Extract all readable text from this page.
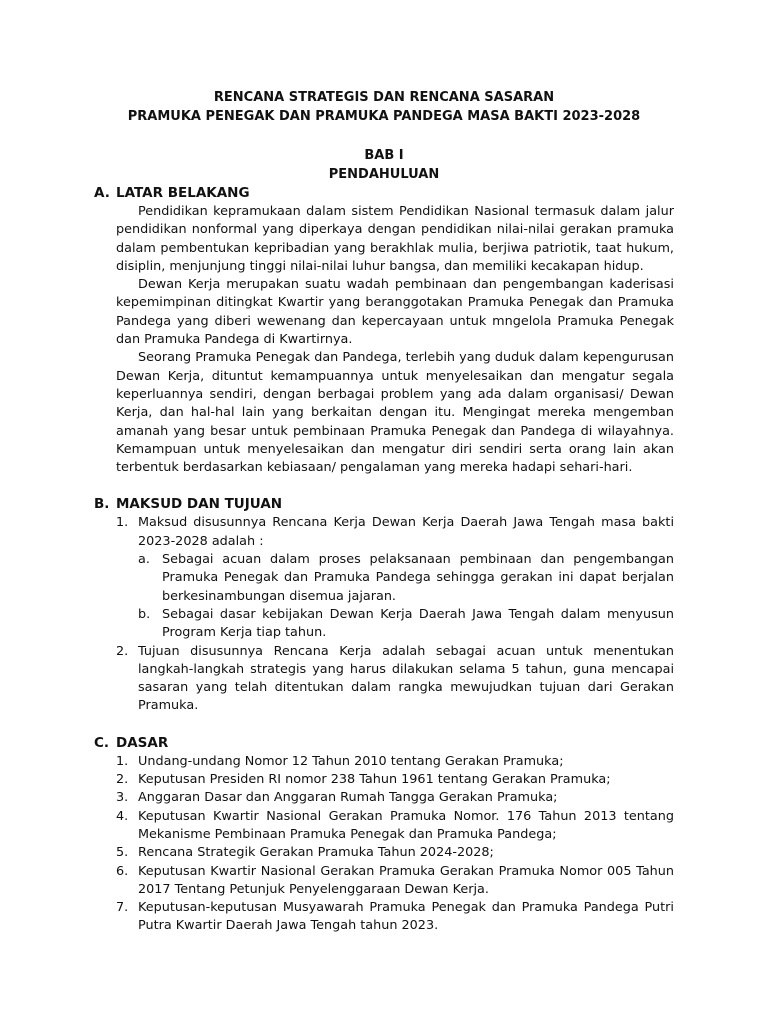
RENCANA STRATEGIS DAN RENCANA SASARAN
PRAMUKA PENEGAK DAN PRAMUKA PANDEGA MASA BAKTI 2023-2028
BAB I
PENDAHULUAN
A. LATAR BELAKANG

Pendidikan kepramukaan dalam sistem Pendidikan Nasional termasuk dalam jalur pendidikan nonformal yang diperkaya dengan pendidikan nilai-nilai gerakan pramuka dalam pembentukan kepribadian yang berakhlak mulia, berjiwa patriotik, taat hukum, disiplin, menjunjung tinggi nilai-nilai luhur bangsa, dan memiliki kecakapan hidup.

Dewan Kerja merupakan suatu wadah pembinaan dan pengembangan kaderisasi kepemimpinan ditingkat Kwartir yang beranggotakan Pramuka Penegak dan Pramuka Pandega yang diberi wewenang dan kepercayaan untuk mngelola Pramuka Penegak dan Pramuka Pandega di Kwartirnya.

Seorang Pramuka Penegak dan Pandega, terlebih yang duduk dalam kepengurusan Dewan Kerja, dituntut kemampuannya untuk menyelesaikan dan mengatur segala keperluannya sendiri, dengan berbagai problem yang ada dalam organisasi/ Dewan Kerja, dan hal-hal lain yang berkaitan dengan itu. Mengingat mereka mengemban amanah yang besar untuk pembinaan Pramuka Penegak dan Pandega di wilayahnya. Kemampuan untuk menyelesaikan dan mengatur diri sendiri serta orang lain akan terbentuk berdasarkan kebiasaan/ pengalaman yang mereka hadapi sehari-hari.

B. MAKSUD DAN TUJUAN
1. Maksud disusunnya Rencana Kerja Dewan Kerja Daerah Jawa Tengah masa bakti 2023-2028 adalah :
a. Sebagai acuan dalam proses pelaksanaan pembinaan dan pengembangan Pramuka Penegak dan Pramuka Pandega sehingga gerakan ini dapat berjalan berkesinambungan disemua jajaran.
b. Sebagai dasar kebijakan Dewan Kerja Daerah Jawa Tengah dalam menyusun Program Kerja tiap tahun.
2. Tujuan disusunnya Rencana Kerja adalah sebagai acuan untuk menentukan langkah-langkah strategis yang harus dilakukan selama 5 tahun, guna mencapai sasaran yang telah ditentukan dalam rangka mewujudkan tujuan dari Gerakan Pramuka.
C. DASAR
1. Undang-undang Nomor 12 Tahun 2010 tentang Gerakan Pramuka;
2. Keputusan Presiden RI nomor 238 Tahun 1961 tentang Gerakan Pramuka;
3. Anggaran Dasar dan Anggaran Rumah Tangga Gerakan Pramuka;
4. Keputusan Kwartir Nasional Gerakan Pramuka Nomor. 176 Tahun 2013 tentang Mekanisme Pembinaan Pramuka Penegak dan Pramuka Pandega;
5. Rencana Strategik Gerakan Pramuka Tahun 2024-2028;
6. Keputusan Kwartir Nasional Gerakan Pramuka Gerakan Pramuka Nomor 005 Tahun 2017 Tentang Petunjuk Penyelenggaraan Dewan Kerja.
7. Keputusan-keputusan Musyawarah Pramuka Penegak dan Pramuka Pandega Putri Putra Kwartir Daerah Jawa Tengah tahun 2023.
